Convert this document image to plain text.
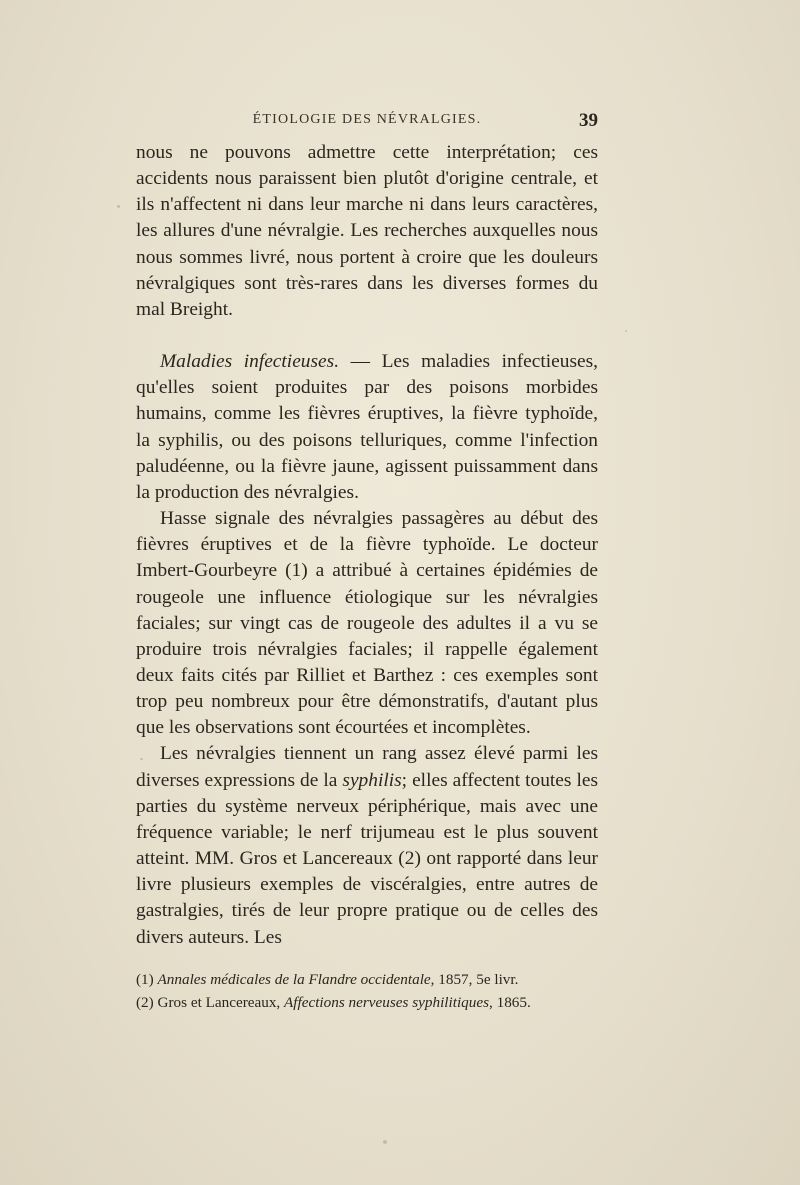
ÉTIOLOGIE DES NÉVRALGIES.	39

nous ne pouvons admettre cette interprétation; ces accidents nous paraissent bien plutôt d'origine centrale, et ils n'affectent ni dans leur marche ni dans leurs caractères, les allures d'une névralgie. Les recherches auxquelles nous nous sommes livré, nous portent à croire que les douleurs névralgiques sont très-rares dans les diverses formes du mal Breight.

Maladies infectieuses. — Les maladies infectieuses, qu'elles soient produites par des poisons morbides humains, comme les fièvres éruptives, la fièvre typhoïde, la syphilis, ou des poisons telluriques, comme l'infection paludéenne, ou la fièvre jaune, agissent puissamment dans la production des névralgies.

Hasse signale des névralgies passagères au début des fièvres éruptives et de la fièvre typhoïde. Le docteur Imbert-Gourbeyre (1) a attribué à certaines épidémies de rougeole une influence étiologique sur les névralgies faciales; sur vingt cas de rougeole des adultes il a vu se produire trois névralgies faciales; il rappelle également deux faits cités par Rilliet et Barthez : ces exemples sont trop peu nombreux pour être démonstratifs, d'autant plus que les observations sont écourtées et incomplètes.

Les névralgies tiennent un rang assez élevé parmi les diverses expressions de la syphilis; elles affectent toutes les parties du système nerveux périphérique, mais avec une fréquence variable; le nerf trijumeau est le plus souvent atteint. MM. Gros et Lancereaux (2) ont rapporté dans leur livre plusieurs exemples de viscéralgies, entre autres de gastralgies, tirés de leur propre pratique ou de celles des divers auteurs. Les

(1) Annales médicales de la Flandre occidentale, 1857, 5e livr.

(2) Gros et Lancereaux, Affections nerveuses syphilitiques, 1865.
